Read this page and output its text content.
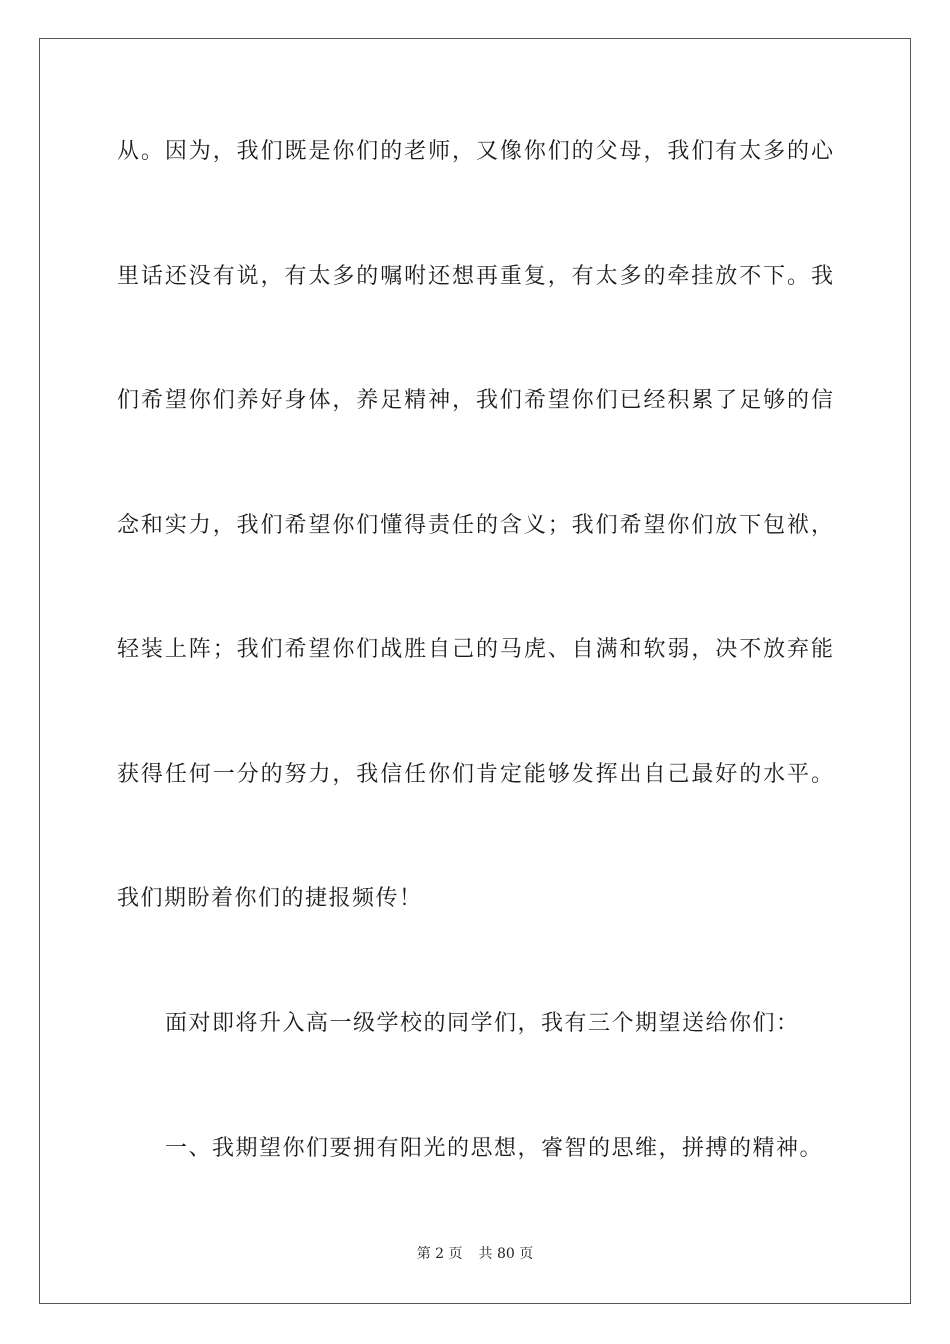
从。因为，我们既是你们的老师，又像你们的父母，我们有太多的心
里话还没有说，有太多的嘱咐还想再重复，有太多的牵挂放不下。我
们希望你们养好身体，养足精神，我们希望你们已经积累了足够的信
念和实力，我们希望你们懂得责任的含义；我们希望你们放下包袱，
轻装上阵；我们希望你们战胜自己的马虎、自满和软弱，决不放弃能
获得任何一分的努力，我信任你们肯定能够发挥出自己最好的水平。
我们期盼着你们的捷报频传！
面对即将升入高一级学校的同学们，我有三个期望送给你们：
一、我期望你们要拥有阳光的思想，睿智的思维，拼搏的精神。
第 2 页 共 80 页
